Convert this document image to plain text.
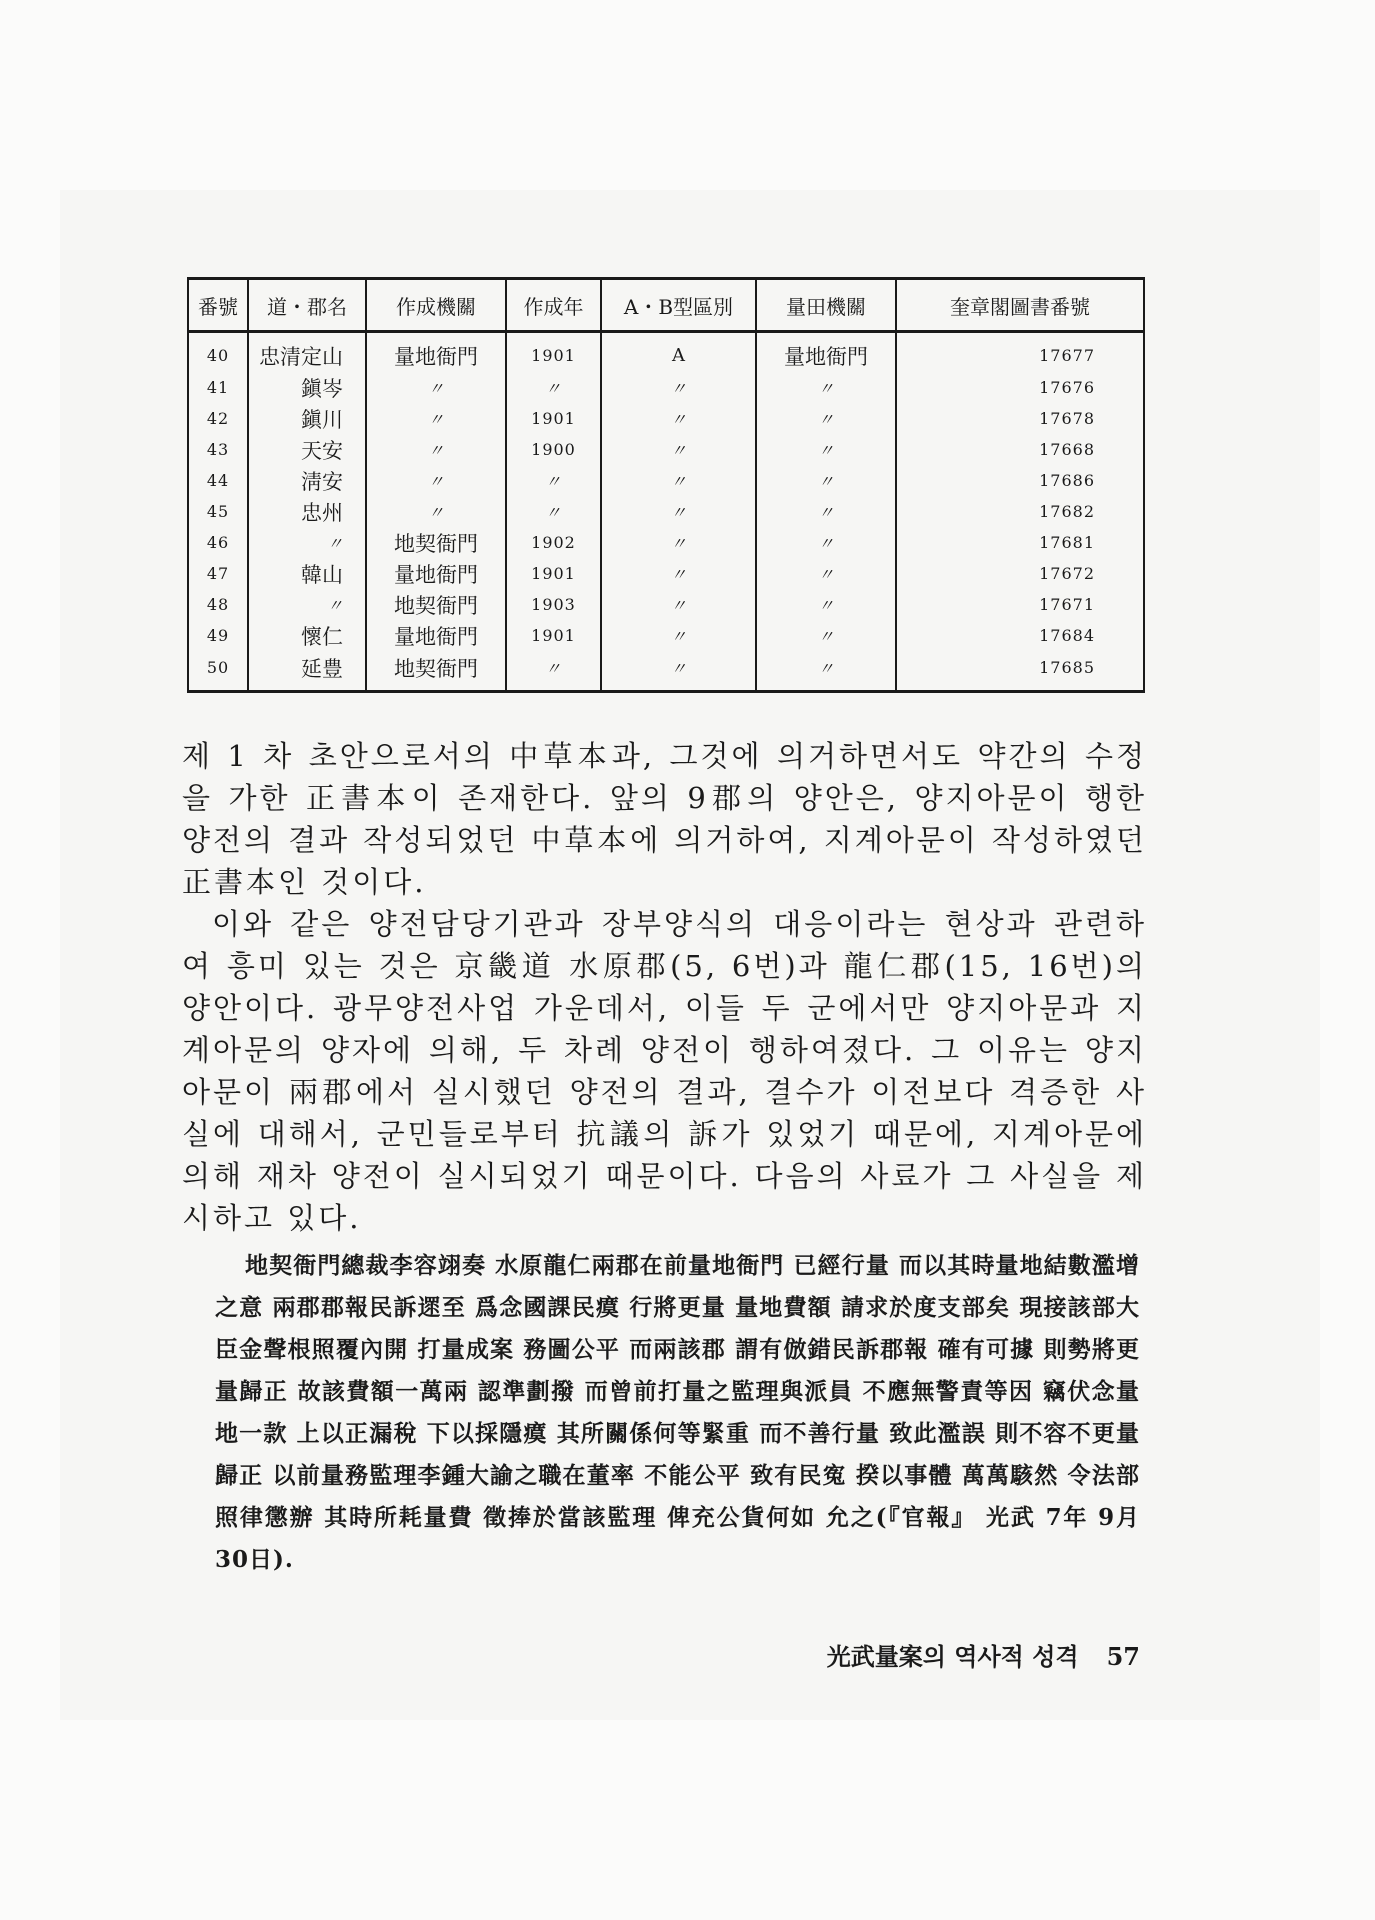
番號	道・郡名	作成機關	作成年	A・B型區別	量田機關	奎章閣圖書番號
40	忠清定山	量地衙門	1901	A	量地衙門	17677
41	鎭岑	〃	〃	〃	〃	17676
42	鎭川	〃	1901	〃	〃	17678
43	天安	〃	1900	〃	〃	17668
44	淸安	〃	〃	〃	〃	17686
45	忠州	〃	〃	〃	〃	17682
46	〃	地契衙門	1902	〃	〃	17681
47	韓山	量地衙門	1901	〃	〃	17672
48	〃	地契衙門	1903	〃	〃	17671
49	懷仁	量地衙門	1901	〃	〃	17684
50	延豊	地契衙門	〃	〃	〃	17685

제 1 차 초안으로서의 中草本과, 그것에 의거하면서도 약간의 수정을 가한 正書本이 존재한다. 앞의 9郡의 양안은, 양지아문이 행한 양전의 결과 작성되었던 中草本에 의거하여, 지계아문이 작성하였던 正書本인 것이다.

이와 같은 양전담당기관과 장부양식의 대응이라는 현상과 관련하여 흥미 있는 것은 京畿道 水原郡(5, 6번)과 龍仁郡(15, 16번)의 양안이다. 광무양전사업 가운데서, 이들 두 군에서만 양지아문과 지계아문의 양자에 의해, 두 차례 양전이 행하여졌다. 그 이유는 양지아문이 兩郡에서 실시했던 양전의 결과, 결수가 이전보다 격증한 사실에 대해서, 군민들로부터 抗議의 訴가 있었기 때문에, 지계아문에 의해 재차 양전이 실시되었기 때문이다. 다음의 사료가 그 사실을 제시하고 있다.

地契衙門總裁李容翊奏 水原龍仁兩郡在前量地衙門 已經行量 而以其時量地結數濫增之意 兩郡郡報民訴遝至 爲念國課民瘼 行將更量 量地費額 請求於度支部矣 現接該部大臣金聲根照覆內開 打量成案 務圖公平 而兩該郡 謂有倣錯民訴郡報 確有可據 則勢將更量歸正 故該費額一萬兩 認準劃撥 而曾前打量之監理與派員 不應無警責等因 竊伏念量地一款 上以正漏稅 下以採隱瘼 其所關係何等緊重 而不善行量 致此濫誤 則不容不更量歸正 以前量務監理李鍾大諭之職在董率 不能公平 致有民寃 揆以事體 萬萬駭然 令法部照律懲辦 其時所耗量費 徵捧於當該監理 俾充公貨何如 允之(『官報』 光武 7年 9月 30日).

光武量案의 역사적 성격 57
